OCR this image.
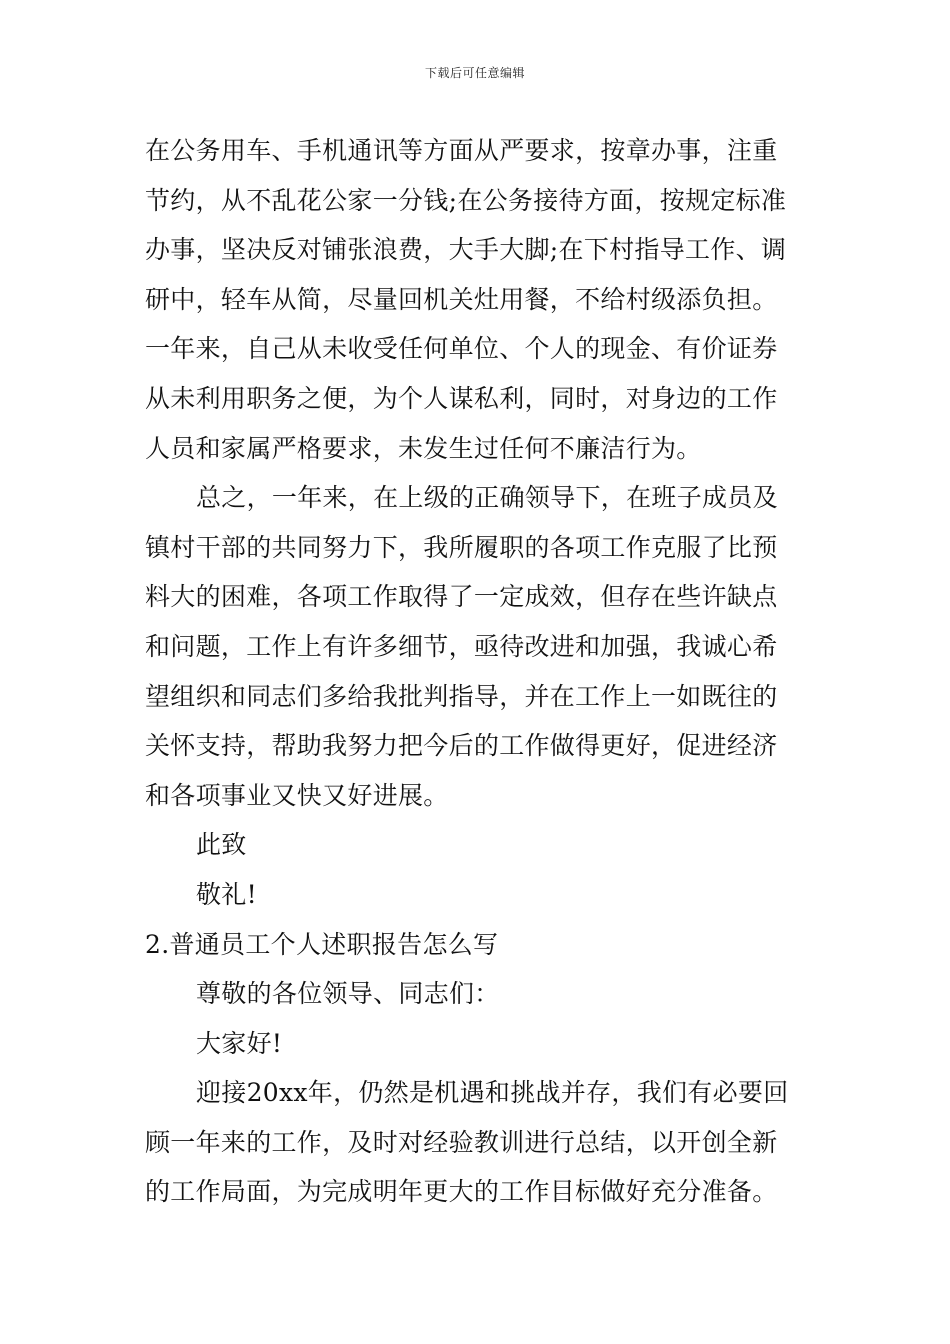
下载后可任意编辑
在公务用车、手机通讯等方面从严要求，按章办事，注重
节约，从不乱花公家一分钱;在公务接待方面，按规定标准
办事，坚决反对铺张浪费，大手大脚;在下村指导工作、调
研中，轻车从简，尽量回机关灶用餐，不给村级添负担。
一年来，自己从未收受任何单位、个人的现金、有价证券
从未利用职务之便，为个人谋私利，同时，对身边的工作
人员和家属严格要求，未发生过任何不廉洁行为。
总之，一年来，在上级的正确领导下，在班子成员及
镇村干部的共同努力下，我所履职的各项工作克服了比预
料大的困难，各项工作取得了一定成效，但存在些许缺点
和问题，工作上有许多细节，亟待改进和加强，我诚心希
望组织和同志们多给我批判指导，并在工作上一如既往的
关怀支持，帮助我努力把今后的工作做得更好，促进经济
和各项事业又快又好进展。
此致
敬礼!
2.普通员工个人述职报告怎么写
尊敬的各位领导、同志们：
大家好!
迎接20xx年，仍然是机遇和挑战并存，我们有必要回
顾一年来的工作，及时对经验教训进行总结，以开创全新
的工作局面，为完成明年更大的工作目标做好充分准备。
